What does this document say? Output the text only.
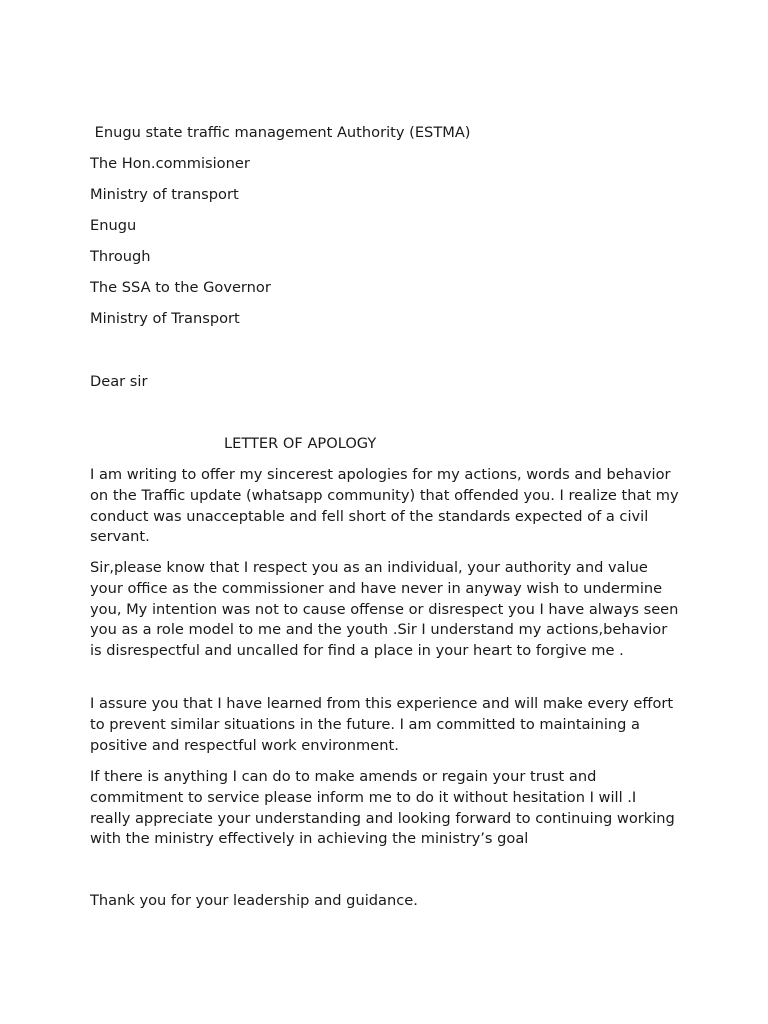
Enugu state traffic management Authority (ESTMA)
The Hon.commisioner
Ministry of transport
Enugu
Through
The SSA to the Governor
Ministry of Transport
Dear sir
LETTER OF APOLOGY
I am writing to offer my sincerest apologies for my actions, words and behavior on the Traffic update (whatsapp community) that offended you. I realize that my conduct was unacceptable and fell short of the standards expected of a civil servant.
Sir,please know that I respect you as an individual, your authority and value your office as the commissioner and have never in anyway wish to undermine you, My intention was not to cause offense or disrespect you I have always seen you as a role model to me and the youth .Sir I understand my actions,behavior is disrespectful and uncalled for find a place in your heart to forgive me .
I assure you that I have learned from this experience and will make every effort to prevent similar situations in the future. I am committed to maintaining a positive and respectful work environment.
If there is anything I can do to make amends or regain your trust and commitment to service please inform me to do it without hesitation I will .I really appreciate your understanding and looking forward to continuing working with the ministry effectively in achieving the ministry’s goal
Thank you for your leadership and guidance.
